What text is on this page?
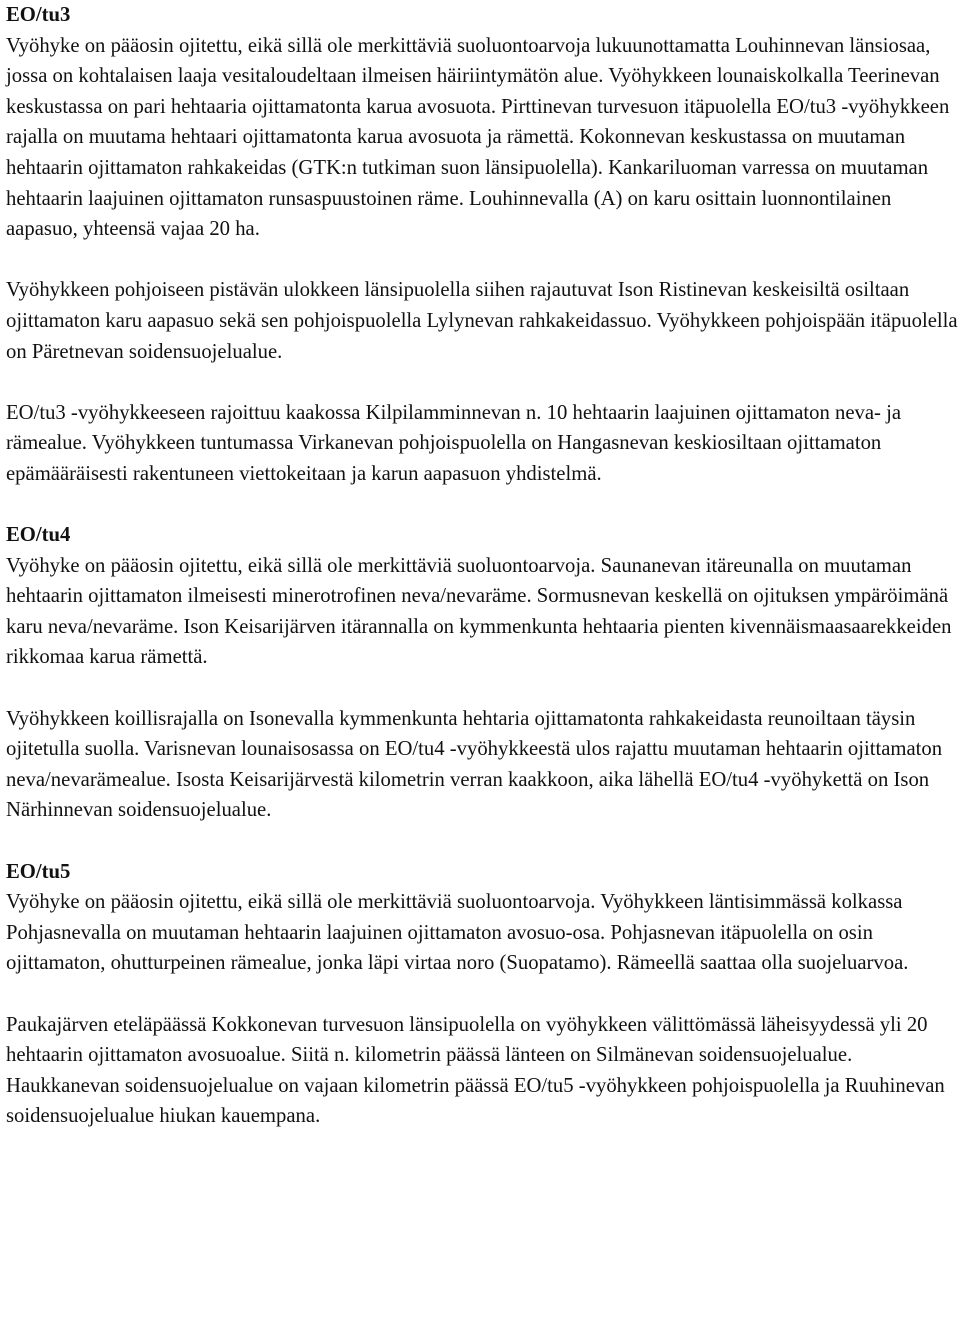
EO/tu3

Vyöhyke on pääosin ojitettu, eikä sillä ole merkittäviä suoluontoarvoja lukuunottamatta Louhinnevan länsiosaa, jossa on kohtalaisen laaja vesitaloudeltaan ilmeisen häiriintymätön alue. Vyöhykkeen lounaiskolkalla Teerinevan keskustassa on pari hehtaaria ojittamatonta karua avosuota. Pirttinevan turvesuon itäpuolella EO/tu3 -vyöhykkeen rajalla on muutama hehtaari ojittamatonta karua avosuota ja rämettä. Kokonnevan keskustassa on muutaman hehtaarin ojittamaton rahkakeidas (GTK:n tutkiman suon länsipuolella). Kankariluoman varressa on muutaman hehtaarin laajuinen ojittamaton runsaspuustoinen räme. Louhinnevalla (A) on karu osittain luonnontilainen aapasuo, yhteensä vajaa 20 ha.

Vyöhykkeen pohjoiseen pistävän ulokkeen länsipuolella siihen rajautuvat Ison Ristinevan keskeisiltä osiltaan ojittamaton karu aapasuo sekä sen pohjoispuolella Lylynevan rahkakeidassuo. Vyöhykkeen pohjoispään itäpuolella on Päretnevan soidensuojelualue.

EO/tu3 -vyöhykkeeseen rajoittuu kaakossa Kilpilamminnevan n. 10 hehtaarin laajuinen ojittamaton neva- ja rämealue. Vyöhykkeen tuntumassa Virkanevan pohjoispuolella on Hangasnevan keskiosiltaan ojittamaton epämääräisesti rakentuneen viettokeitaan ja karun aapasuon yhdistelmä.

EO/tu4

Vyöhyke on pääosin ojitettu, eikä sillä ole merkittäviä suoluontoarvoja. Saunanevan itäreunalla on muutaman hehtaarin ojittamaton ilmeisesti minerotrofinen neva/nevaräme. Sormusnevan keskellä on ojituksen ympäröimänä karu neva/nevaräme. Ison Keisarijärven itärannalla on kymmenkunta hehtaaria pienten kivennäismaasaarekkeiden rikkomaa karua rämettä.

Vyöhykkeen koillisrajalla on Isonevalla kymmenkunta hehtaria ojittamatonta rahkakeidasta reunoiltaan täysin ojitetulla suolla. Varisnevan lounaisosassa on EO/tu4 -vyöhykkeestä ulos rajattu muutaman hehtaarin ojittamaton neva/nevarämealue. Isosta Keisarijärvestä kilometrin verran kaakkoon, aika lähellä EO/tu4 -vyöhykettä on Ison Närhinnevan soidensuojelualue.

EO/tu5

Vyöhyke on pääosin ojitettu, eikä sillä ole merkittäviä suoluontoarvoja. Vyöhykkeen läntisimmässä kolkassa Pohjasnevalla on muutaman hehtaarin laajuinen ojittamaton avosuo-osa. Pohjasnevan itäpuolella on osin ojittamaton, ohutturpeinen rämealue, jonka läpi virtaa noro (Suopatamo). Rämeellä saattaa olla suojeluarvoa.

Paukajärven eteläpäässä Kokkonevan turvesuon länsipuolella on vyöhykkeen välittömässä läheisyydessä yli 20 hehtaarin ojittamaton avosuoalue. Siitä n. kilometrin päässä länteen on Silmänevan soidensuojelualue. Haukkanevan soidensuojelualue on vajaan kilometrin päässä EO/tu5 -vyöhykkeen pohjoispuolella ja Ruuhinevan soidensuojelualue hiukan kauempana.
